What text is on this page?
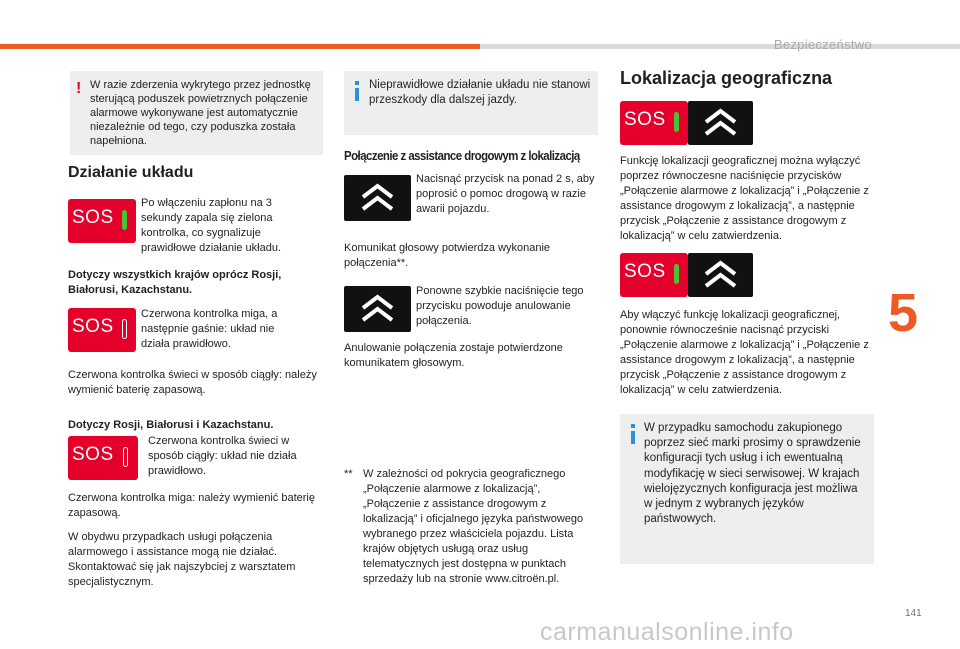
Bezpieczeństwo
5
! W razie zderzenia wykrytego przez jednostkę sterującą poduszek powietrznych połączenie alarmowe wykonywane jest automatycznie niezależnie od tego, czy poduszka została napełniona.
Działanie układu
SOS
Po włączeniu zapłonu na 3 sekundy zapala się zielona kontrolka, co sygnalizuje prawidłowe działanie układu.
Dotyczy wszystkich krajów oprócz Rosji, Białorusi, Kazachstanu.
SOS
Czerwona kontrolka miga, a następnie gaśnie: układ nie działa prawidłowo.
Czerwona kontrolka świeci w sposób ciągły: należy wymienić baterię zapasową.
Dotyczy Rosji, Białorusi i Kazachstanu.
SOS
Czerwona kontrolka świeci w sposób ciągły: układ nie działa prawidłowo.
Czerwona kontrolka miga: należy wymienić baterię zapasową.
W obydwu przypadkach usługi połączenia alarmowego i assistance mogą nie działać. Skontaktować się jak najszybciej z warsztatem specjalistycznym.
Nieprawidłowe działanie układu nie stanowi przeszkody dla dalszej jazdy.
Połączenie z assistance drogowym z lokalizacją
Nacisnąć przycisk na ponad 2 s, aby poprosić o pomoc drogową w razie awarii pojazdu.
Komunikat głosowy potwierdza wykonanie połączenia**.
Ponowne szybkie naciśnięcie tego przycisku powoduje anulowanie połączenia.
Anulowanie połączenia zostaje potwierdzone komunikatem głosowym.
** W zależności od pokrycia geograficznego „Połączenie alarmowe z lokalizacją”, „Połączenie z assistance drogowym z lokalizacją” i oficjalnego języka państwowego wybranego przez właściciela pojazdu. Lista krajów objętych usługą oraz usług telematycznych jest dostępna w punktach sprzedaży lub na stronie www.citroën.pl.
Lokalizacja geograficzna
SOS
Funkcję lokalizacji geograficznej można wyłączyć poprzez równoczesne naciśnięcie przycisków „Połączenie alarmowe z lokalizacją” i „Połączenie z assistance drogowym z lokalizacją”, a następnie przycisk „Połączenie z assistance drogowym z lokalizacją” w celu zatwierdzenia.
SOS
Aby włączyć funkcję lokalizacji geograficznej, ponownie równocześnie nacisnąć przyciski „Połączenie alarmowe z lokalizacją” i „Połączenie z assistance drogowym z lokalizacją”, a następnie przycisk „Połączenie z assistance drogowym z lokalizacją” w celu zatwierdzenia.
W przypadku samochodu zakupionego poprzez sieć marki prosimy o sprawdzenie konfiguracji tych usług i ich ewentualną modyfikację w sieci serwisowej. W krajach wielojęzycznych konfiguracja jest możliwa w jednym z wybranych języków państwowych.
141
carmanualsonline.info
